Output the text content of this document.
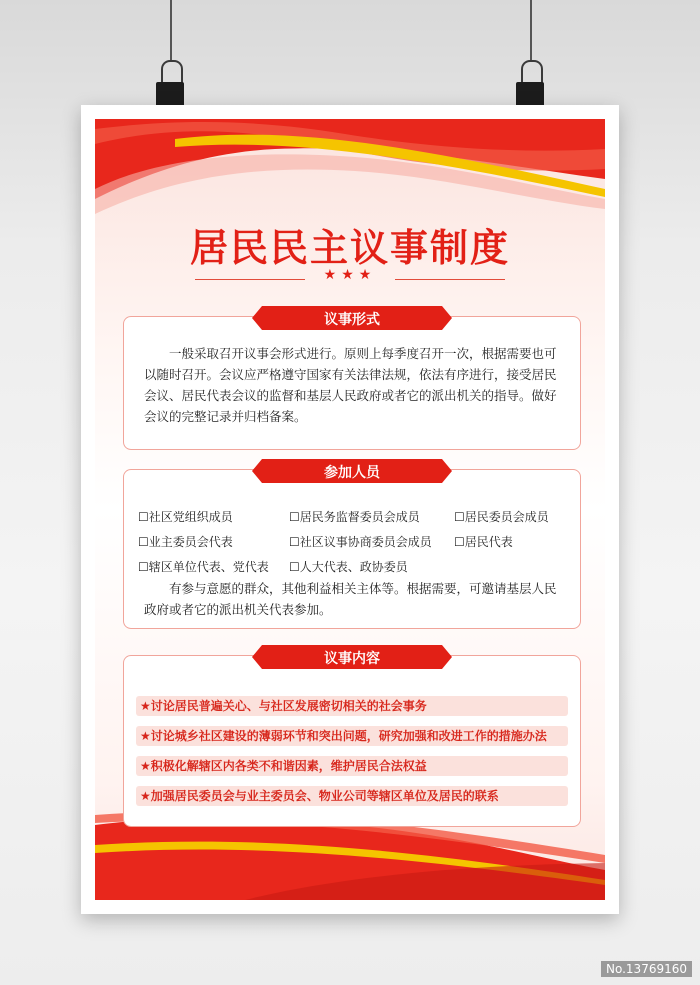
居民民主议事制度
★★★
议事形式

一般采取召开议事会形式进行。原则上每季度召开一次，根据需要也可以随时召开。会议应严格遵守国家有关法律法规，依法有序进行，接受居民会议、居民代表会议的监督和基层人民政府或者它的派出机关的指导。做好会议的完整记录并归档备案。

参加人员
☐社区党组织成员	☐居民务监督委员会成员	☐居民委员会成员
☐业主委员会代表	☐社区议事协商委员会成员 ☐居民代表
☐辖区单位代表、党代表 ☐人大代表、政协委员

有参与意愿的群众，其他利益相关主体等。根据需要，可邀请基层人民政府或者它的派出机关代表参加。

议事内容
★讨论居民普遍关心、与社区发展密切相关的社会事务
★讨论城乡社区建设的薄弱环节和突出问题，研究加强和改进工作的措施办法
★积极化解辖区内各类不和谐因素，维护居民合法权益
★加强居民委员会与业主委员会、物业公司等辖区单位及居民的联系
No.13769160
